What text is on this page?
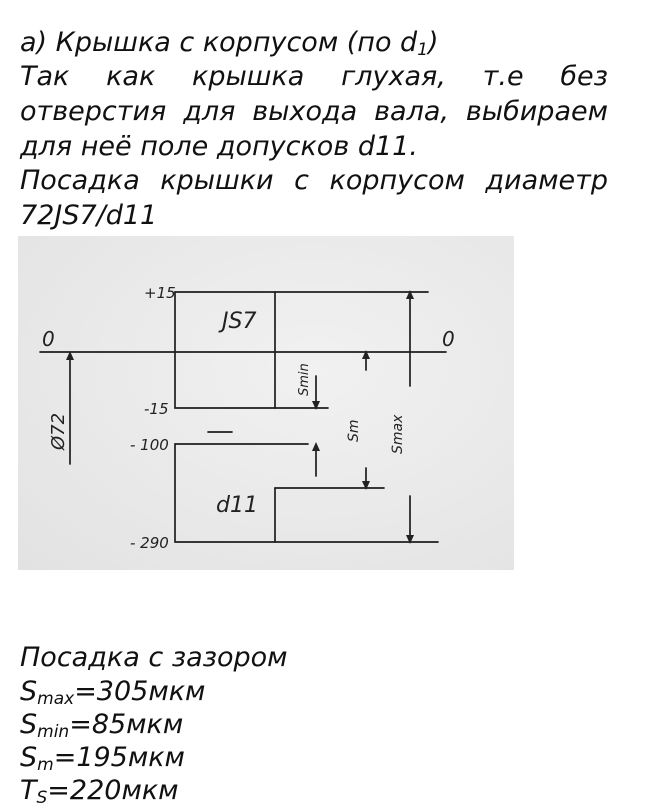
а) Крышка с корпусом (по $d_1$)
Так как крышка глухая, т.е без
отверстия для выхода вала, выбираем
для неё поле допусков d11.
Посадка крышки с корпусом диаметр
72JS7/d11
+15
-15
- 100
- 290
0	0
Ø72
JS7
d11
Smin
Sm Smax
Посадка с зазором
$S_{max}=305мкм$
$S_{min}=85мкм$
$S_m=195мкм$
$T_S=220мкм$
